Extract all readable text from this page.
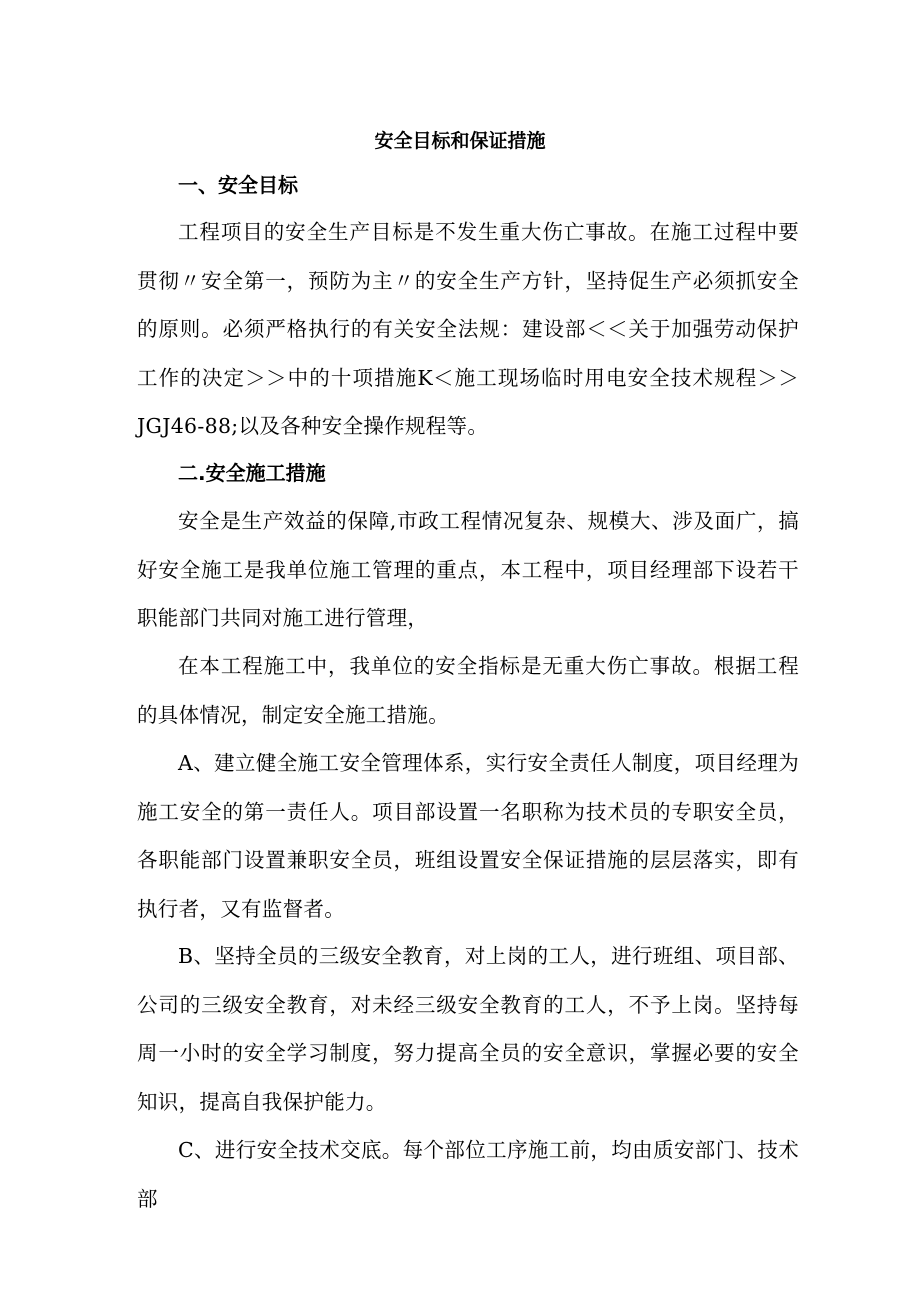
安全目标和保证措施
一、安全目标

工程项目的安全生产目标是不发生重大伤亡事故。在施工过程中要贯彻〃安全第一，预防为主〃的安全生产方针，坚持促生产必须抓安全的原则。必须严格执行的有关安全法规：建设部＜＜关于加强劳动保护工作的决定＞＞中的十项措施K＜施工现场临时用电安全技术规程＞＞JGJ46-88;以及各种安全操作规程等。

二.安全施工措施

安全是生产效益的保障,市政工程情况复杂、规模大、涉及面广，搞好安全施工是我单位施工管理的重点，本工程中，项目经理部下设若干职能部门共同对施工进行管理，

在本工程施工中，我单位的安全指标是无重大伤亡事故。根据工程的具体情况，制定安全施工措施。

A、建立健全施工安全管理体系，实行安全责任人制度，项目经理为施工安全的第一责任人。项目部设置一名职称为技术员的专职安全员，各职能部门设置兼职安全员，班组设置安全保证措施的层层落实，即有执行者，又有监督者。

B、坚持全员的三级安全教育，对上岗的工人，进行班组、项目部、公司的三级安全教育，对未经三级安全教育的工人，不予上岗。坚持每周一小时的安全学习制度，努力提高全员的安全意识，掌握必要的安全知识，提高自我保护能力。

C、进行安全技术交底。每个部位工序施工前，均由质安部门、技术部
